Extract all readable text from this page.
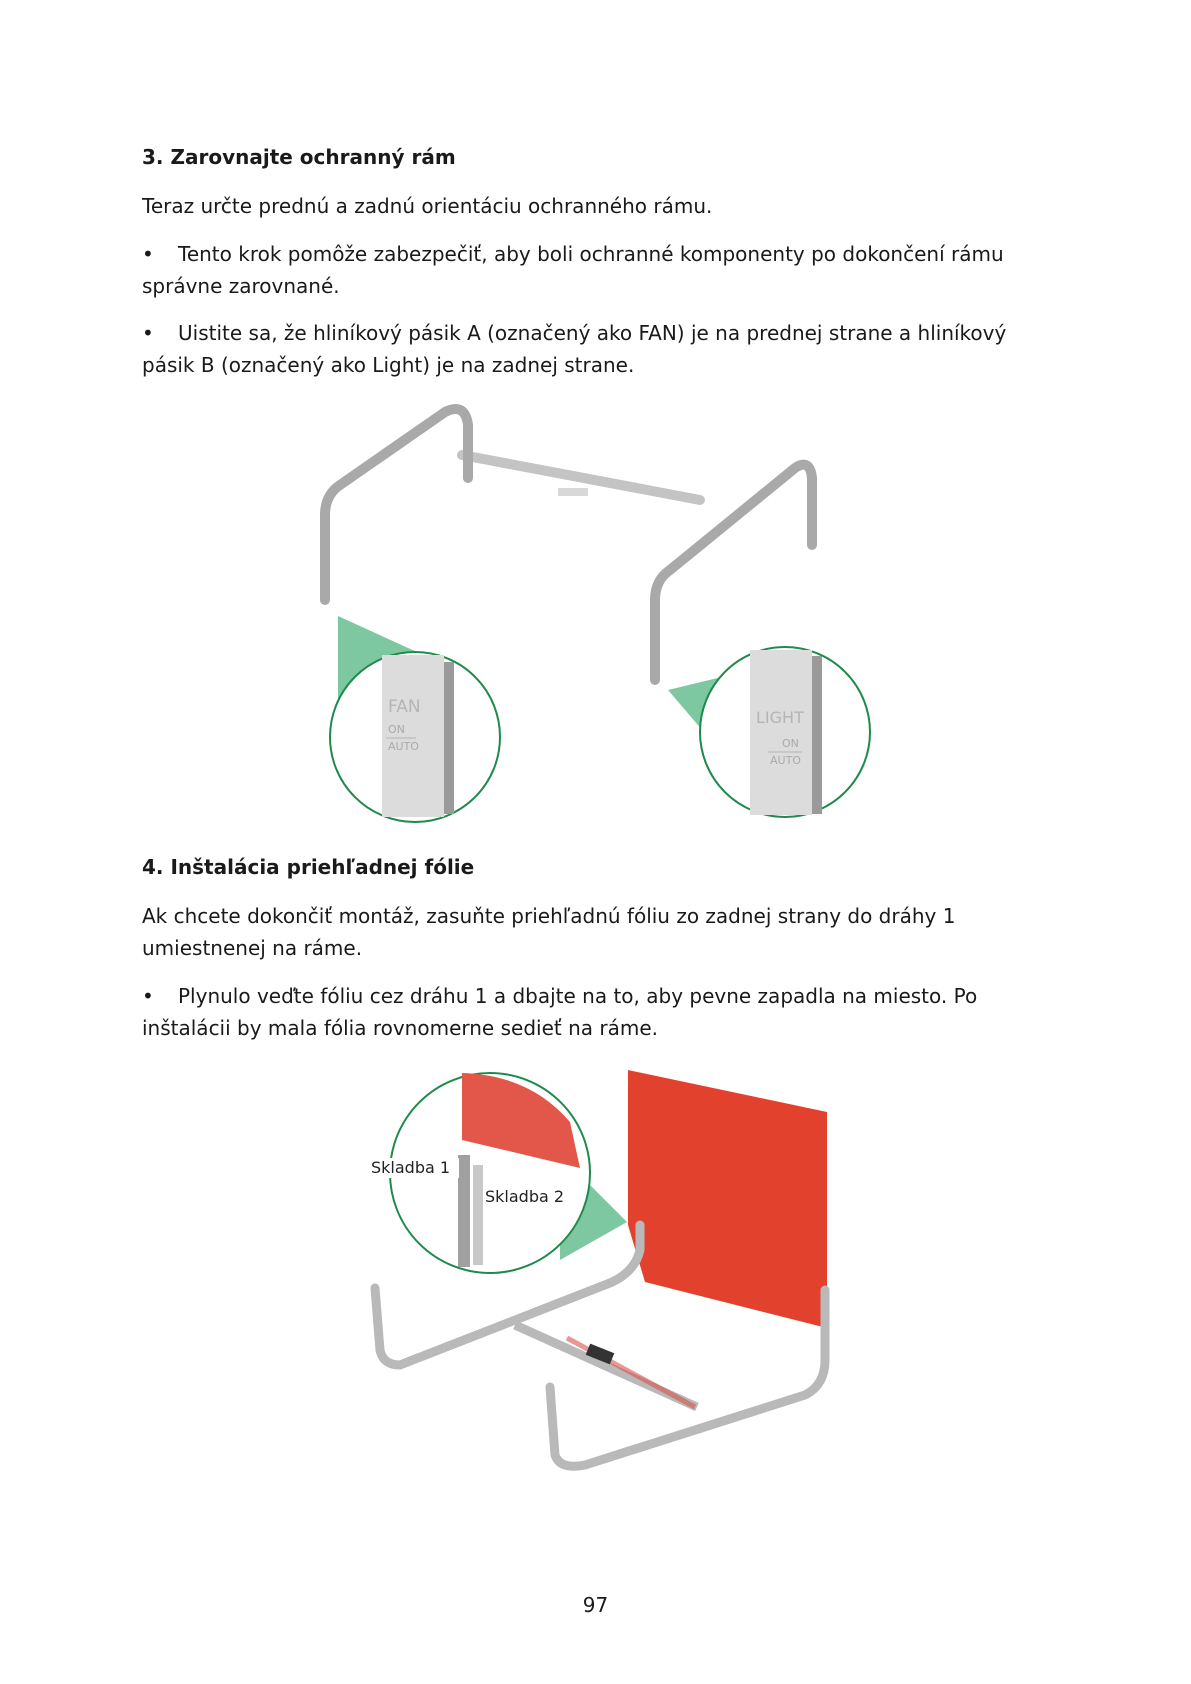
3. Zarovnajte ochranný rám

Teraz určte prednú a zadnú orientáciu ochranného rámu.

• Tento krok pomôže zabezpečiť, aby boli ochranné komponenty po dokončení rámu správne zarovnané.

• Uistite sa, že hliníkový pásik A (označený ako FAN) je na prednej strane a hliníkový pásik B (označený ako Light) je na zadnej strane.

FAN
ON
AUTO
LIGHT
ON
AUTO
4. Inštalácia priehľadnej fólie

Ak chcete dokončiť montáž, zasuňte priehľadnú fóliu zo zadnej strany do dráhy 1 umiestnenej na ráme.

• Plynulo veďte fóliu cez dráhu 1 a dbajte na to, aby pevne zapadla na miesto. Po inštalácii by mala fólia rovnomerne sedieť na ráme.

Skladba 1
Skladba 2
97
